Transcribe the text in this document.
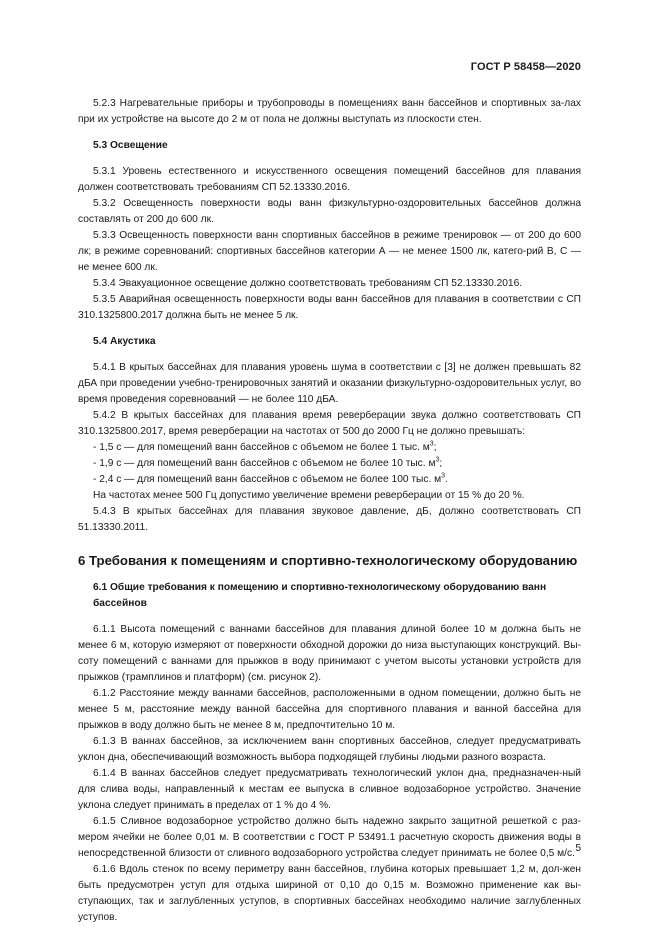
ГОСТ Р 58458—2020

5.2.3 Нагревательные приборы и трубопроводы в помещениях ванн бассейнов и спортивных за-лах при их устройстве на высоте до 2 м от пола не должны выступать из плоскости стен.

5.3 Освещение

5.3.1 Уровень естественного и искусственного освещения помещений бассейнов для плавания должен соответствовать требованиям СП 52.13330.2016.

5.3.2 Освещенность поверхности воды ванн физкультурно-оздоровительных бассейнов должна составлять от 200 до 600 лк.

5.3.3 Освещенность поверхности ванн спортивных бассейнов в режиме тренировок — от 200 до 600 лк; в режиме соревнований: спортивных бассейнов категории А — не менее 1500 лк, катего-рий В, С — не менее 600 лк.

5.3.4 Эвакуационное освещение должно соответствовать требованиям СП 52.13330.2016.

5.3.5 Аварийная освещенность поверхности воды ванн бассейнов для плавания в соответствии с СП 310.1325800.2017 должна быть не менее 5 лк.

5.4 Акустика

5.4.1 В крытых бассейнах для плавания уровень шума в соответствии с [3] не должен превышать 82 дБА при проведении учебно-тренировочных занятий и оказании физкультурно-оздоровительных услуг, во время проведения соревнований — не более 110 дБА.

5.4.2 В крытых бассейнах для плавания время реверберации звука должно соответствовать СП 310.1325800.2017, время реверберации на частотах от 500 до 2000 Гц не должно превышать:

- 1,5 с — для помещений ванн бассейнов с объемом не более 1 тыс. $м^3$;

- 1,9 с — для помещений ванн бассейнов с объемом не более 10 тыс. $м^3$;

- 2,4 с — для помещений ванн бассейнов с объемом не более 100 тыс. $м^3$.

На частотах менее 500 Гц допустимо увеличение времени реверберации от 15 % до 20 %.

5.4.3 В крытых бассейнах для плавания звуковое давление, дБ, должно соответствовать СП 51.13330.2011.

6 Требования к помещениям и спортивно-технологическому оборудованию
6.1 Общие требования к помещению и спортивно-технологическому оборудованию ванн бассейнов

6.1.1 Высота помещений с ваннами бассейнов для плавания длиной более 10 м должна быть не менее 6 м, которую измеряют от поверхности обходной дорожки до низа выступающих конструкций. Вы-соту помещений с ваннами для прыжков в воду принимают с учетом высоты установки устройств для прыжков (трамплинов и платформ) (см. рисунок 2).

6.1.2 Расстояние между ваннами бассейнов, расположенными в одном помещении, должно быть не менее 5 м, расстояние между ванной бассейна для спортивного плавания и ванной бассейна для прыжков в воду должно быть не менее 8 м, предпочтительно 10 м.

6.1.3 В ваннах бассейнов, за исключением ванн спортивных бассейнов, следует предусматривать уклон дна, обеспечивающий возможность выбора подходящей глубины людьми разного возраста.

6.1.4 В ваннах бассейнов следует предусматривать технологический уклон дна, предназначен-ный для слива воды, направленный к местам ее выпуска в сливное водозаборное устройство. Значение уклона следует принимать в пределах от 1 % до 4 %.

6.1.5 Сливное водозаборное устройство должно быть надежно закрыто защитной решеткой с раз-мером ячейки не более 0,01 м. В соответствии с ГОСТ Р 53491.1 расчетную скорость движения воды в непосредственной близости от сливного водозаборного устройства следует принимать не более 0,5 м/с.

6.1.6 Вдоль стенок по всему периметру ванн бассейнов, глубина которых превышает 1,2 м, дол-жен быть предусмотрен уступ для отдыха шириной от 0,10 до 0,15 м. Возможно применение как вы-ступающих, так и заглубленных уступов, в спортивных бассейнах необходимо наличие заглубленных уступов.

5
